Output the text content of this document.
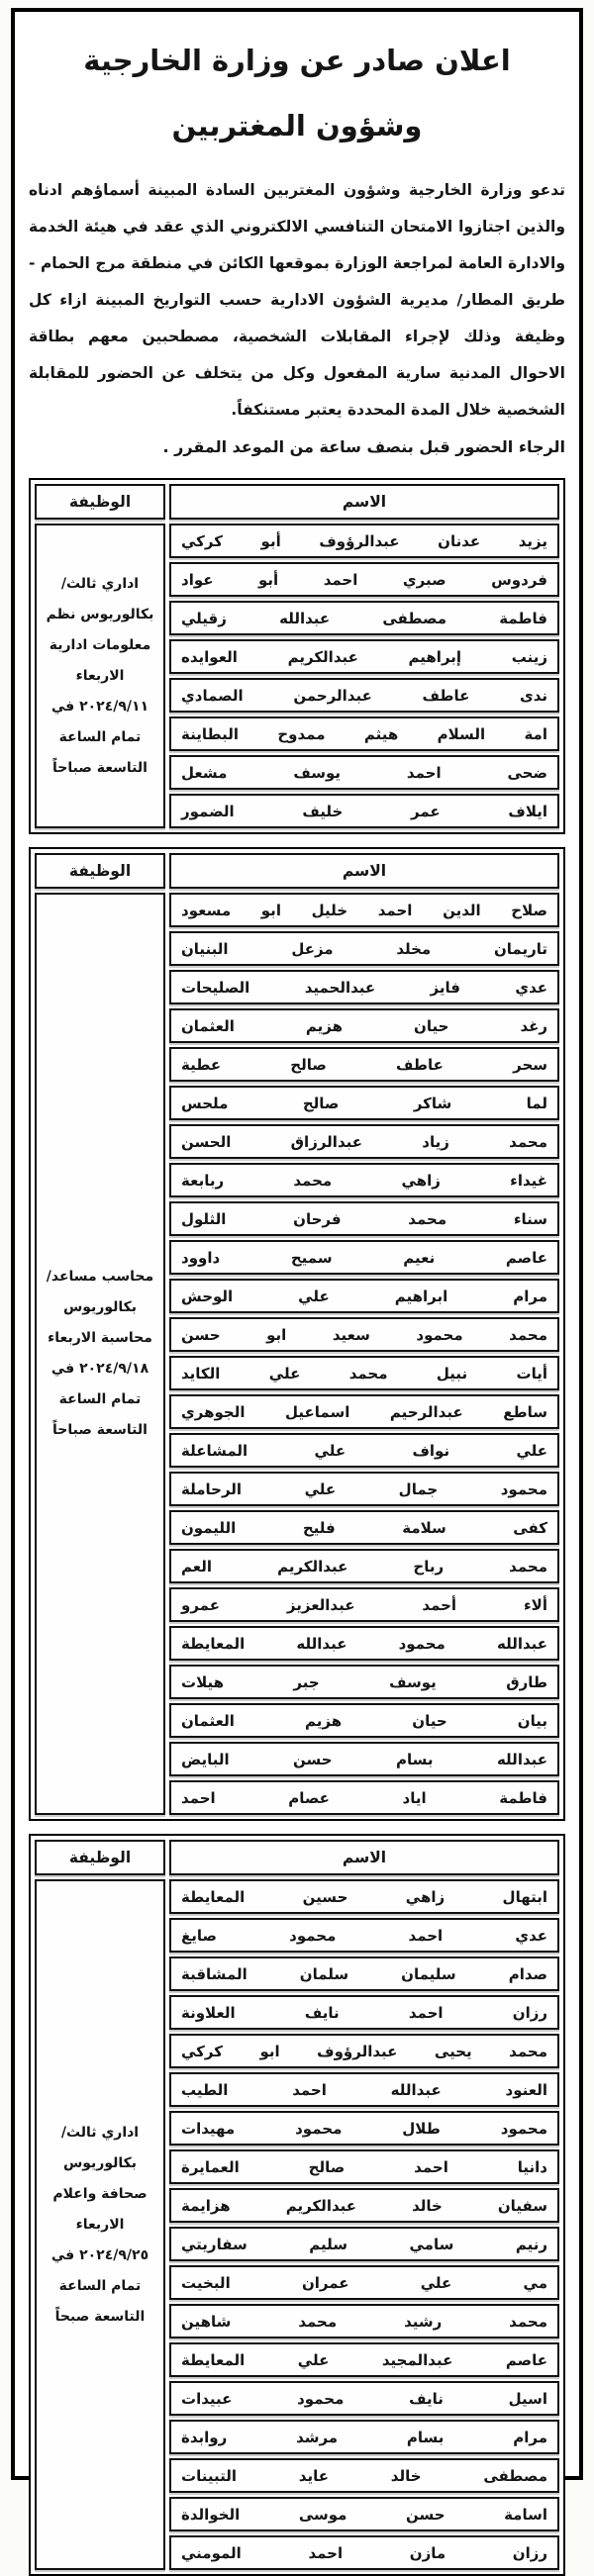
اعلان صادر عن وزارة الخارجية
وشؤون المغتربين
تدعو وزارة الخارجية وشؤون المغتربين السادة المبينة أسماؤهم ادناه والذين اجتازوا الامتحان التنافسي الالكتروني الذي عقد في هيئة الخدمة والادارة العامة لمراجعة الوزارة بموقعها الكائن في منطقة مرج الحمام - طريق المطار/ مديرية الشؤون الادارية حسب التواريخ المبينة ازاء كل وظيفة وذلك لإجراء المقابلات الشخصية، مصطحبين معهم بطاقة الاحوال المدنية سارية المفعول وكل من يتخلف عن الحضور للمقابلة الشخصية خلال المدة المحددة يعتبر مستنكفاً.
الرجاء الحضور قبل بنصف ساعة من الموعد المقرر .
الاسم	الوظيفة
يزيد عدنان عبدالرؤوف أبو كركي	اداري ثالث/ بكالوريوس نظم معلومات ادارية الاربعاء ٢٠٢٤/٩/١١ في تمام الساعة التاسعة صباحاً
فردوس صبري احمد أبو عواد	
فاطمة مصطفى عبدالله زقيلي	
زينب إبراهيم عبدالكريم العوايده	
ندى عاطف عبدالرحمن الصمادي	
امة السلام هيثم ممدوح البطاينة	
ضحى احمد يوسف مشعل	
ايلاف عمر خليف الضمور	
الاسم	الوظيفة
صلاح الدين احمد خليل ابو مسعود	محاسب مساعد/ بكالوريوس محاسبة الاربعاء ٢٠٢٤/٩/١٨ في تمام الساعة التاسعة صباحاً
تاريمان مخلد مزعل البنيان	
عدي فايز عبدالحميد الصليحات	
رغد حيان هزيم العثمان	
سحر عاطف صالح عطية	
لما شاكر صالح ملحس	
محمد زياد عبدالرزاق الحسن	
غيداء زاهي محمد ربابعة	
سناء محمد فرحان الثلول	
عاصم نعيم سميح داوود	
مرام ابراهيم علي الوحش	
محمد محمود سعيد ابو حسن	
أيات نبيل محمد علي الكايد	
ساطع عبدالرحيم اسماعيل الجوهري	
علي نواف علي المشاعلة	
محمود جمال علي الرحاملة	
كفى سلامة فليح الليمون	
محمد رباح عبدالكريم العم	
ألاء أحمد عبدالعزيز عمرو	
عبدالله محمود عبدالله المعايطة	
طارق يوسف جبر هيلات	
بيان حيان هزيم العثمان	
عبدالله بسام حسن البايض	
فاطمة اياد عصام احمد	
الاسم	الوظيفة
ابتهال زاهي حسين المعايطة	اداري ثالث/ بكالوريوس صحافة واعلام الاربعاء ٢٠٢٤/٩/٢٥ في تمام الساعة التاسعة صبحاً
عدي احمد محمود صايغ	
صدام سليمان سلمان المشاقبة	
رزان احمد نايف العلاونة	
محمد يحيى عبدالرؤوف ابو كركي	
العنود عبدالله احمد الطيب	
محمود طلال محمود مهيدات	
دانيا احمد صالح العمايرة	
سفيان خالد عبدالكريم هزايمة	
رنيم سامي سليم سفاريتي	
مي علي عمران البخيت	
محمد رشيد محمد شاهين	
عاصم عبدالمجيد علي المعايطة	
اسيل نايف محمود عبيدات	
مرام بسام مرشد روابدة	
مصطفى خالد عايد التبينات	
اسامة حسن موسى الخوالدة	
رزان مازن احمد المومني	
